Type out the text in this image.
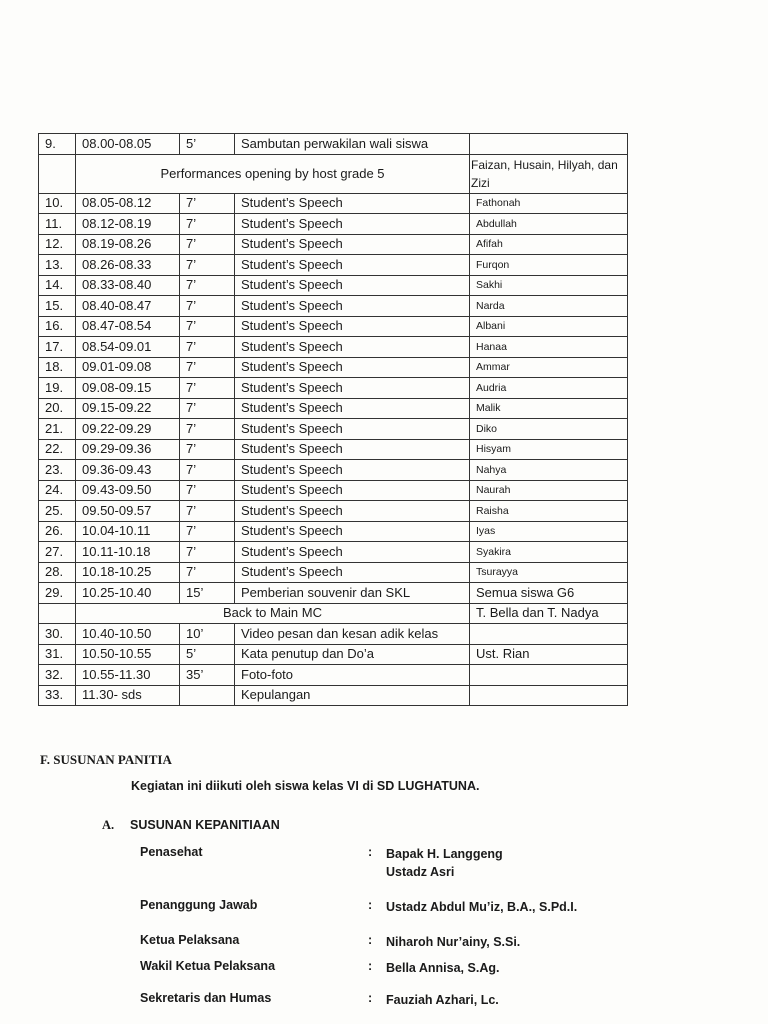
9.	08.00-08.05	5’	Sambutan perwakilan wali siswa	
	Performances opening by host grade 5			Faizan, Husain, Hilyah, dan Zizi
10.	08.05-08.12	7’	Student’s Speech	Fathonah
11.	08.12-08.19	7’	Student’s Speech	Abdullah
12.	08.19-08.26	7’	Student’s Speech	Afifah
13.	08.26-08.33	7’	Student’s Speech	Furqon
14.	08.33-08.40	7’	Student’s Speech	Sakhi
15.	08.40-08.47	7’	Student’s Speech	Narda
16.	08.47-08.54	7’	Student’s Speech	Albani
17.	08.54-09.01	7’	Student’s Speech	Hanaa
18.	09.01-09.08	7’	Student’s Speech	Ammar
19.	09.08-09.15	7’	Student’s Speech	Audria
20.	09.15-09.22	7’	Student’s Speech	Malik
21.	09.22-09.29	7’	Student’s Speech	Diko
22.	09.29-09.36	7’	Student’s Speech	Hisyam
23.	09.36-09.43	7’	Student’s Speech	Nahya
24.	09.43-09.50	7’	Student’s Speech	Naurah
25.	09.50-09.57	7’	Student’s Speech	Raisha
26.	10.04-10.11	7’	Student’s Speech	Iyas
27.	10.11-10.18	7’	Student’s Speech	Syakira
28.	10.18-10.25	7’	Student’s Speech	Tsurayya
29.	10.25-10.40	15’	Pemberian souvenir dan SKL	Semua siswa G6
	Back to Main MC			T. Bella dan T. Nadya
30.	10.40-10.50	10’	Video pesan dan kesan adik kelas	
31.	10.50-10.55	5’	Kata penutup dan Do’a	Ust. Rian
32.	10.55-11.30	35’	Foto-foto	
33.	11.30- sds		Kepulangan	
F. SUSUNAN PANITIA
Kegiatan ini diikuti oleh siswa kelas VI di SD LUGHATUNA.
A. SUSUNAN KEPANITIAAN
Penasehat	: Bapak H. Langgeng
Ustadz Asri
Penanggung Jawab	: Ustadz Abdul Mu’iz, B.A., S.Pd.I.
Ketua Pelaksana	: Niharoh Nur’ainy, S.Si.
Wakil Ketua Pelaksana	: Bella Annisa, S.Ag.
Sekretaris dan Humas	: Fauziah Azhari, Lc.
